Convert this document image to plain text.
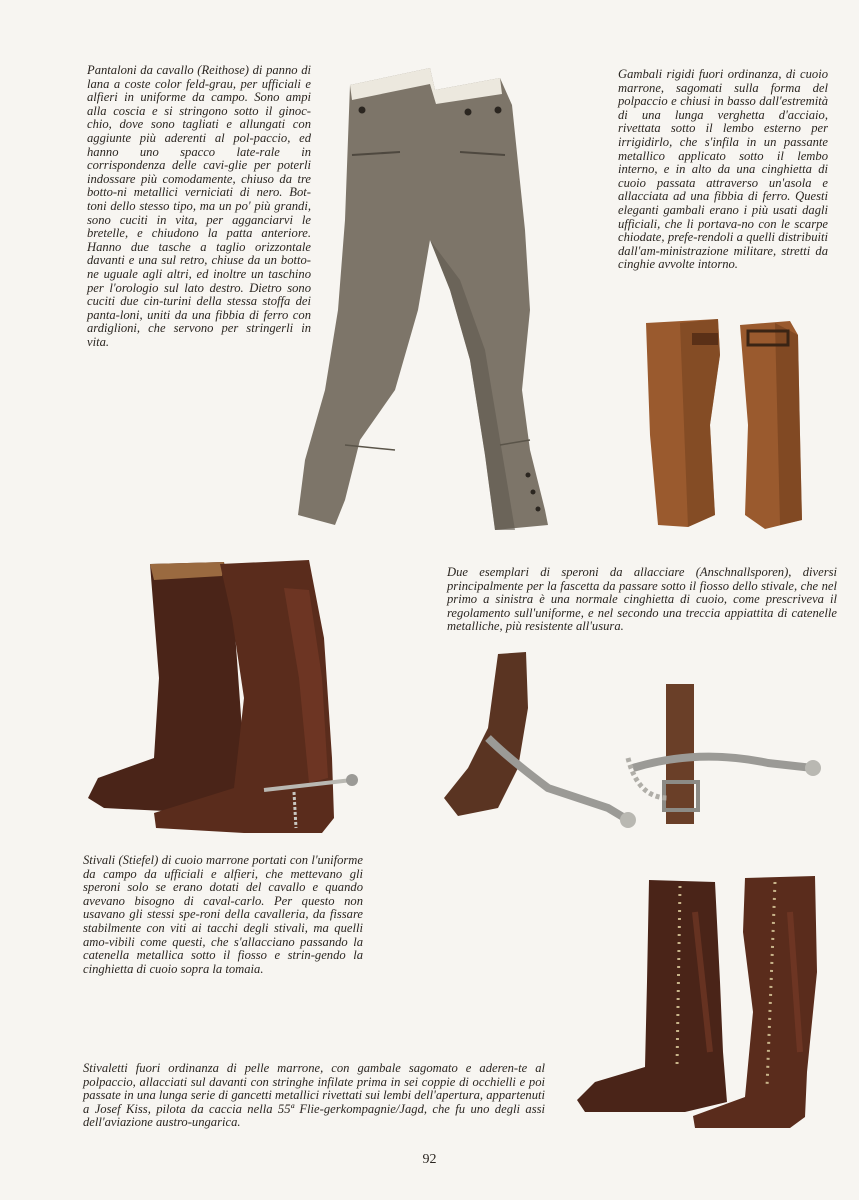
Pantaloni da cavallo (Reithose) di panno di lana a coste color feld-grau, per ufficiali e alfieri in uniforme da campo. Sono ampi alla coscia e si stringono sotto il ginoc-chio, dove sono tagliati e allungati con aggiunte più aderenti al pol-paccio, ed hanno uno spacco late-rale in corrispondenza delle cavi-glie per poterli indossare più comodamente, chiuso da tre botto-ni metallici verniciati di nero. Bot-toni dello stesso tipo, ma un po' più grandi, sono cuciti in vita, per agganciarvi le bretelle, e chiudono la patta anteriore. Hanno due tasche a taglio orizzontale davanti e una sul retro, chiuse da un botto-ne uguale agli altri, ed inoltre un taschino per l'orologio sul lato destro. Dietro sono cuciti due cin-turini della stessa stoffa dei panta-loni, uniti da una fibbia di ferro con ardiglioni, che servono per stringerli in vita.

Gambali rigidi fuori ordinanza, di cuoio marrone, sagomati sulla forma del polpaccio e chiusi in basso dall'estremità di una lunga verghetta d'acciaio, rivettata sotto il lembo esterno per irrigidirlo, che s'infila in un passante metallico applicato sotto il lembo interno, e in alto da una cinghietta di cuoio passata attraverso un'asola e allacciata ad una fibbia di ferro. Questi eleganti gambali erano i più usati dagli ufficiali, che li portava-no con le scarpe chiodate, prefe-rendoli a quelli distribuiti dall'am-ministrazione militare, stretti da cinghie avvolte intorno.

Due esemplari di speroni da allacciare (Anschnallsporen), diversi principalmente per la fascetta da passare sotto il fiosso dello stivale, che nel primo a sinistra è una normale cinghietta di cuoio, come prescriveva il regolamento sull'uniforme, e nel secondo una treccia appiattita di catenelle metalliche, più resistente all'usura.

Stivali (Stiefel) di cuoio marrone portati con l'uniforme da campo da ufficiali e alfieri, che mettevano gli speroni solo se erano dotati del cavallo e quando avevano bisogno di caval-carlo. Per questo non usavano gli stessi spe-roni della cavalleria, da fissare stabilmente con viti ai tacchi degli stivali, ma quelli amo-vibili come questi, che s'allacciano passando la catenella metallica sotto il fiosso e strin-gendo la cinghietta di cuoio sopra la tomaia.

Stivaletti fuori ordinanza di pelle marrone, con gambale sagomato e aderen-te al polpaccio, allacciati sul davanti con stringhe infilate prima in sei coppie di occhielli e poi passate in una lunga serie di gancetti metallici rivettati sui lembi dell'apertura, appartenuti a Josef Kiss, pilota da caccia nella 55ª Flie-gerkompagnie/Jagd, che fu uno degli assi dell'aviazione austro-ungarica.

92
